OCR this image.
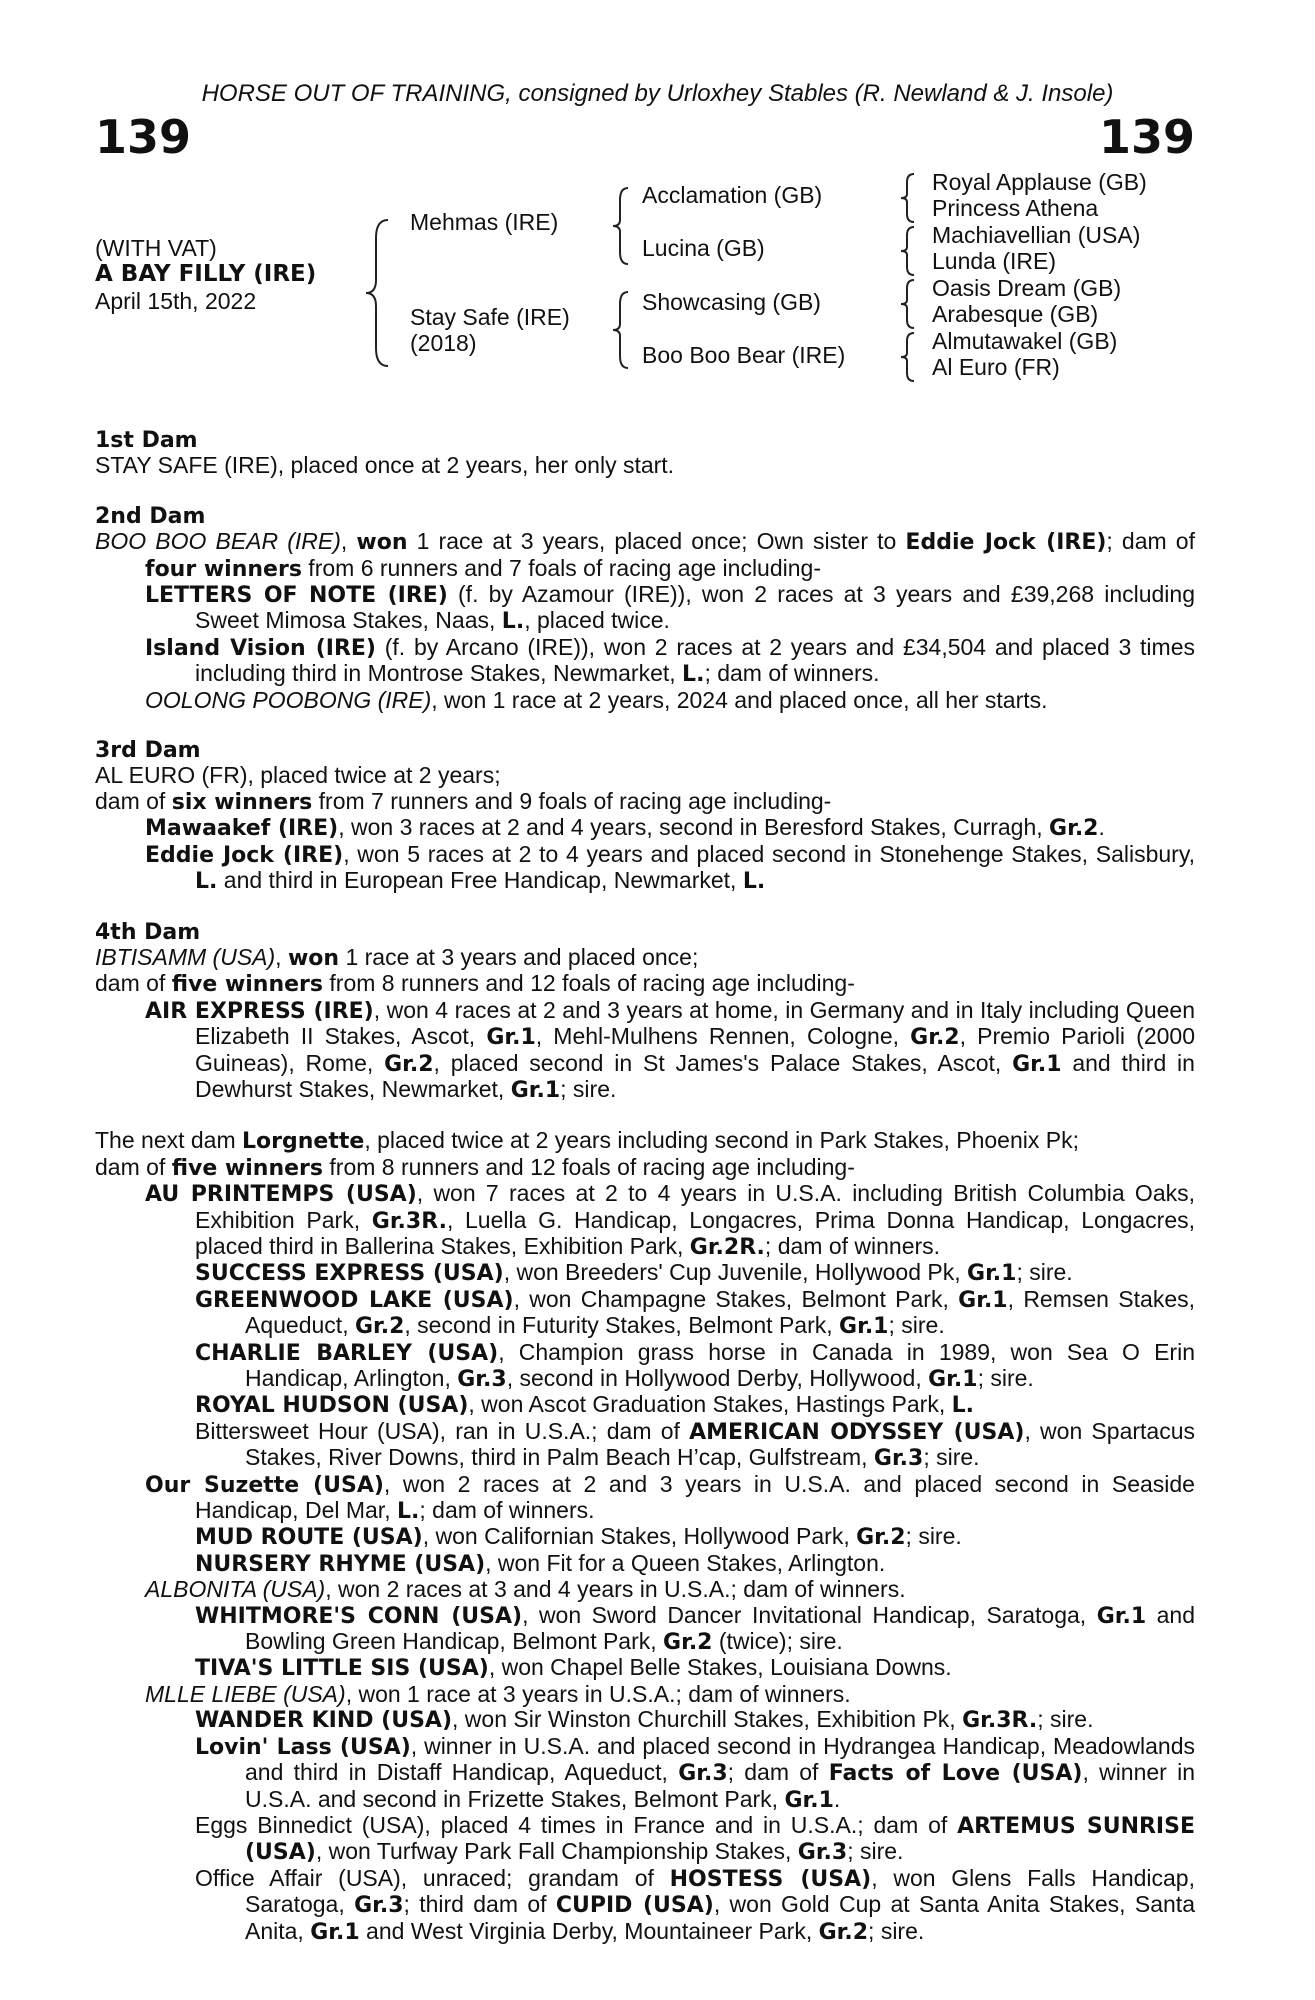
HORSE OUT OF TRAINING, consigned by Urloxhey Stables (R. Newland & J. Insole)
139	139
(WITH VAT)
A BAY FILLY (IRE)
April 15th, 2022
Mehmas (IRE)
Stay Safe (IRE)
(2018)
Acclamation (GB)
Lucina (GB)
Showcasing (GB)
Boo Boo Bear (IRE)
Royal Applause (GB)
Princess Athena
Machiavellian (USA)
Lunda (IRE)
Oasis Dream (GB)
Arabesque (GB)
Almutawakel (GB)
Al Euro (FR)
1st Dam

STAY SAFE (IRE), placed once at 2 years, her only start.

2nd Dam

BOO BOO BEAR (IRE), won 1 race at 3 years, placed once; Own sister to Eddie Jock (IRE); dam of four winners from 6 runners and 7 foals of racing age including-

LETTERS OF NOTE (IRE) (f. by Azamour (IRE)), won 2 races at 3 years and £39,268 including Sweet Mimosa Stakes, Naas, L., placed twice.

Island Vision (IRE) (f. by Arcano (IRE)), won 2 races at 2 years and £34,504 and placed 3 times including third in Montrose Stakes, Newmarket, L.; dam of winners.

OOLONG POOBONG (IRE), won 1 race at 2 years, 2024 and placed once, all her starts.

3rd Dam

AL EURO (FR), placed twice at 2 years;

dam of six winners from 7 runners and 9 foals of racing age including-

Mawaakef (IRE), won 3 races at 2 and 4 years, second in Beresford Stakes, Curragh, Gr.2.

Eddie Jock (IRE), won 5 races at 2 to 4 years and placed second in Stonehenge Stakes, Salisbury, L. and third in European Free Handicap, Newmarket, L.

4th Dam

IBTISAMM (USA), won 1 race at 3 years and placed once;

dam of five winners from 8 runners and 12 foals of racing age including-

AIR EXPRESS (IRE), won 4 races at 2 and 3 years at home, in Germany and in Italy including Queen Elizabeth II Stakes, Ascot, Gr.1, Mehl-Mulhens Rennen, Cologne, Gr.2, Premio Parioli (2000 Guineas), Rome, Gr.2, placed second in St James's Palace Stakes, Ascot, Gr.1 and third in Dewhurst Stakes, Newmarket, Gr.1; sire.

The next dam Lorgnette, placed twice at 2 years including second in Park Stakes, Phoenix Pk;

dam of five winners from 8 runners and 12 foals of racing age including-

AU PRINTEMPS (USA), won 7 races at 2 to 4 years in U.S.A. including British Columbia Oaks, Exhibition Park, Gr.3R., Luella G. Handicap, Longacres, Prima Donna Handicap, Longacres, placed third in Ballerina Stakes, Exhibition Park, Gr.2R.; dam of winners.

SUCCESS EXPRESS (USA), won Breeders' Cup Juvenile, Hollywood Pk, Gr.1; sire.

GREENWOOD LAKE (USA), won Champagne Stakes, Belmont Park, Gr.1, Remsen Stakes, Aqueduct, Gr.2, second in Futurity Stakes, Belmont Park, Gr.1; sire.

CHARLIE BARLEY (USA), Champion grass horse in Canada in 1989, won Sea O Erin Handicap, Arlington, Gr.3, second in Hollywood Derby, Hollywood, Gr.1; sire.

ROYAL HUDSON (USA), won Ascot Graduation Stakes, Hastings Park, L.

Bittersweet Hour (USA), ran in U.S.A.; dam of AMERICAN ODYSSEY (USA), won Spartacus Stakes, River Downs, third in Palm Beach H’cap, Gulfstream, Gr.3; sire.

Our Suzette (USA), won 2 races at 2 and 3 years in U.S.A. and placed second in Seaside Handicap, Del Mar, L.; dam of winners.

MUD ROUTE (USA), won Californian Stakes, Hollywood Park, Gr.2; sire.

NURSERY RHYME (USA), won Fit for a Queen Stakes, Arlington.

ALBONITA (USA), won 2 races at 3 and 4 years in U.S.A.; dam of winners.

WHITMORE'S CONN (USA), won Sword Dancer Invitational Handicap, Saratoga, Gr.1 and Bowling Green Handicap, Belmont Park, Gr.2 (twice); sire.

TIVA'S LITTLE SIS (USA), won Chapel Belle Stakes, Louisiana Downs.

MLLE LIEBE (USA), won 1 race at 3 years in U.S.A.; dam of winners.

WANDER KIND (USA), won Sir Winston Churchill Stakes, Exhibition Pk, Gr.3R.; sire.

Lovin' Lass (USA), winner in U.S.A. and placed second in Hydrangea Handicap, Meadowlands and third in Distaff Handicap, Aqueduct, Gr.3; dam of Facts of Love (USA), winner in U.S.A. and second in Frizette Stakes, Belmont Park, Gr.1.

Eggs Binnedict (USA), placed 4 times in France and in U.S.A.; dam of ARTEMUS SUNRISE (USA), won Turfway Park Fall Championship Stakes, Gr.3; sire.

Office Affair (USA), unraced; grandam of HOSTESS (USA), won Glens Falls Handicap, Saratoga, Gr.3; third dam of CUPID (USA), won Gold Cup at Santa Anita Stakes, Santa Anita, Gr.1 and West Virginia Derby, Mountaineer Park, Gr.2; sire.
